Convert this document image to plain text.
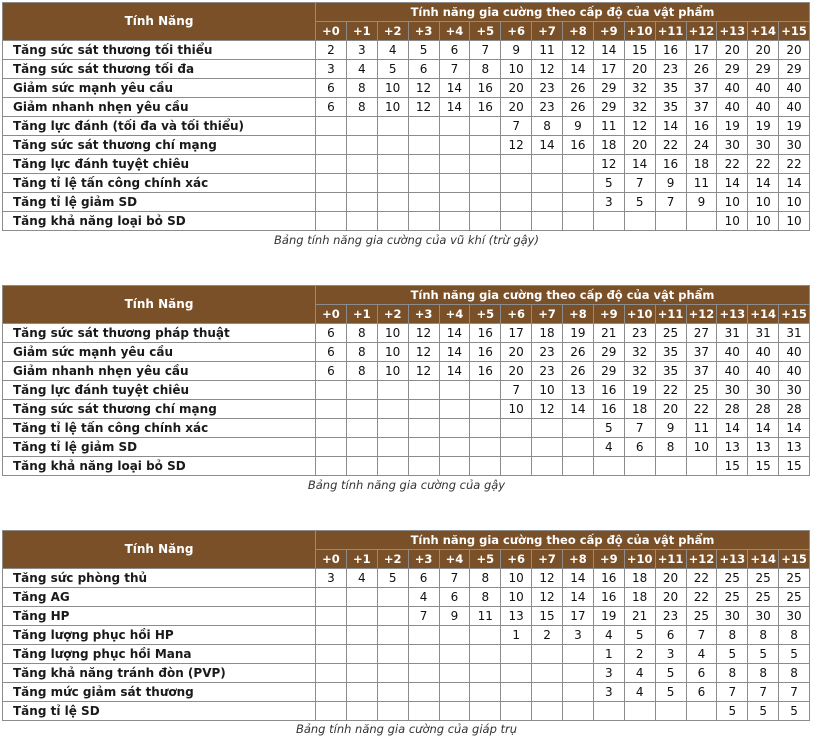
Tính Năng	Tính năng gia cường theo cấp độ của vật phẩm															
	+0	+1	+2	+3	+4	+5	+6	+7	+8	+9	+10	+11	+12	+13	+14	+15
Tăng sức sát thương tối thiểu	2	3	4	5	6	7	9	11	12	14	15	16	17	20	20	20
Tăng sức sát thương tối đa	3	4	5	6	7	8	10	12	14	17	20	23	26	29	29	29
Giảm sức mạnh yêu cầu	6	8	10	12	14	16	20	23	26	29	32	35	37	40	40	40
Giảm nhanh nhẹn yêu cầu	6	8	10	12	14	16	20	23	26	29	32	35	37	40	40	40
Tăng lực đánh (tối đa và tối thiểu)							7	8	9	11	12	14	16	19	19	19
Tăng sức sát thương chí mạng							12	14	16	18	20	22	24	30	30	30
Tăng lực đánh tuyệt chiêu										12	14	16	18	22	22	22
Tăng tỉ lệ tấn công chính xác										5	7	9	11	14	14	14
Tăng tỉ lệ giảm SD										3	5	7	9	10	10	10
Tăng khả năng loại bỏ SD														10	10	10
Bảng tính năng gia cường của vũ khí (trừ gậy)
Tính Năng	Tính năng gia cường theo cấp độ của vật phẩm															
	+0	+1	+2	+3	+4	+5	+6	+7	+8	+9	+10	+11	+12	+13	+14	+15
Tăng sức sát thương pháp thuật	6	8	10	12	14	16	17	18	19	21	23	25	27	31	31	31
Giảm sức mạnh yêu cầu	6	8	10	12	14	16	20	23	26	29	32	35	37	40	40	40
Giảm nhanh nhẹn yêu cầu	6	8	10	12	14	16	20	23	26	29	32	35	37	40	40	40
Tăng lực đánh tuyệt chiêu							7	10	13	16	19	22	25	30	30	30
Tăng sức sát thương chí mạng							10	12	14	16	18	20	22	28	28	28
Tăng tỉ lệ tấn công chính xác										5	7	9	11	14	14	14
Tăng tỉ lệ giảm SD										4	6	8	10	13	13	13
Tăng khả năng loại bỏ SD														15	15	15
Bảng tính năng gia cường của gậy
Tính Năng	Tính năng gia cường theo cấp độ của vật phẩm															
	+0	+1	+2	+3	+4	+5	+6	+7	+8	+9	+10	+11	+12	+13	+14	+15
Tăng sức phòng thủ	3	4	5	6	7	8	10	12	14	16	18	20	22	25	25	25
Tăng AG				4	6	8	10	12	14	16	18	20	22	25	25	25
Tăng HP				7	9	11	13	15	17	19	21	23	25	30	30	30
Tăng lượng phục hồi HP							1	2	3	4	5	6	7	8	8	8
Tăng lượng phục hồi Mana										1	2	3	4	5	5	5
Tăng khả năng tránh đòn (PVP)										3	4	5	6	8	8	8
Tăng mức giảm sát thương										3	4	5	6	7	7	7
Tăng tỉ lệ SD														5	5	5
Bảng tính năng gia cường của giáp trụ
